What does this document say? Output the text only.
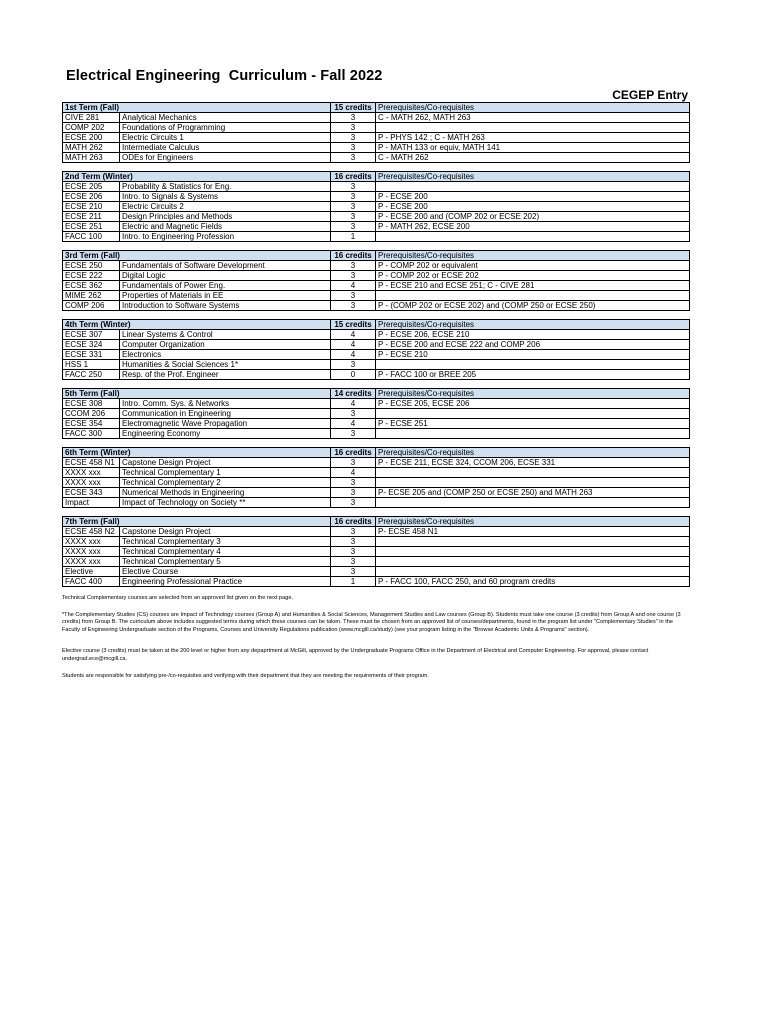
Electrical Engineering  Curriculum - Fall 2022
CEGEP Entry
1st Term (Fall)		15 credits	Prerequisites/Co-requisites
CIVE 281	Analytical Mechanics	3	C - MATH 262, MATH 263
COMP 202	Foundations of Programming	3	
ECSE 200	Electric Circuits 1	3	P - PHYS 142 ; C - MATH 263
MATH 262	Intermediate Calculus	3	P - MATH 133 or equiv, MATH 141
MATH 263	ODEs for Engineers	3	C - MATH 262
2nd Term (Winter)		16 credits	Prerequisites/Co-requisites
ECSE 205	Probability & Statistics for Eng.	3	
ECSE 206	Intro. to Signals & Systems	3	P - ECSE 200
ECSE 210	Electric Circuits 2	3	P - ECSE 200
ECSE 211	Design Principles and Methods	3	P - ECSE 200 and (COMP 202 or ECSE 202)
ECSE 251	Electric and Magnetic Fields	3	P - MATH 262, ECSE 200
FACC 100	Intro. to Engineering Profession	1	
3rd Term (Fall)		16 credits	Prerequisites/Co-requisites
ECSE 250	Fundamentals of Software Development	3	P - COMP 202 or equivalent
ECSE 222	Digital Logic	3	P - COMP 202 or ECSE 202
ECSE 362	Fundamentals of Power Eng.	4	P - ECSE 210 and ECSE 251; C - CIVE 281
MIME 262	Properties of Materials in EE	3	
COMP 206	Introduction to Software Systems	3	P - (COMP 202 or ECSE 202) and (COMP 250 or ECSE 250)
4th Term (Winter)		15 credits	Prerequisites/Co-requisites
ECSE 307	Linear Systems & Control	4	P - ECSE 206, ECSE 210
ECSE 324	Computer Organization	4	P - ECSE 200 and ECSE 222 and COMP 206
ECSE 331	Electronics	4	P - ECSE 210
HSS 1	Humanities & Social Sciences 1*	3	
FACC 250	Resp. of the Prof. Engineer	0	P - FACC 100 or BREE 205
5th Term (Fall)		14 credits	Prerequisites/Co-requisites
ECSE 308	Intro. Comm. Sys. & Networks	4	P - ECSE 205, ECSE 206
CCOM 206	Communication in Engineering	3	
ECSE 354	Electromagnetic Wave Propagation	4	P - ECSE 251
FACC 300	Engineering Economy	3	
6th Term (Winter)		16 credits	Prerequisites/Co-requisites
ECSE 458 N1	Capstone Design Project	3	P - ECSE 211, ECSE 324, CCOM 206, ECSE 331
XXXX xxx	Technical Complementary 1	4	
XXXX xxx	Technical Complementary 2	3	
ECSE 343	Numerical Methods in Engineering	3	P- ECSE 205 and (COMP 250 or ECSE 250) and MATH 263
Impact	Impact of Technology on Society **	3	
7th Term (Fall)		16 credits	Prerequisites/Co-requisites
ECSE 458 N2	Capstone Design Project	3	P- ECSE 458 N1
XXXX xxx	Technical Complementary 3	3	
XXXX xxx	Technical Complementary 4	3	
XXXX xxx	Technical Complementary 5	3	
Elective	Elective Course	3	
FACC 400	Engineering Professional Practice	1	P - FACC 100, FACC 250, and 60 program credits

Technical Complementary courses are selected from an approved list given on the next page.

*The Complementary Studies (CS) courses are Impact of Technology courses (Group A) and Humanities & Social Sciences, Management Studies and Law courses (Group B). Students must take one course (3 credits) from Group A and one course (3 credits) from Group B. The curriculum above includes suggested terms during which these courses can be taken. These must be chosen from an approved list of courses/departments, found in the program list under "Complementary Studies" in the Faculty of Engineering Undergraduate section of the Programs, Courses and University Regulations publication (www.mcgill.ca/study) (see your program listing in the "Browse Academic Units & Programs" section).

Elective course (3 credits) must be taken at the 200 level or higher from any depaprtment at McGill, approved by the Undergraduate Programs Office in the Department of Electrical and Computer Engineering. For approval, please contact undergrad.ece@mcgill.ca.

Students are responsible for satisfying pre-/co-requisites and verifying with their department that they are meeting the requirements of their program.
